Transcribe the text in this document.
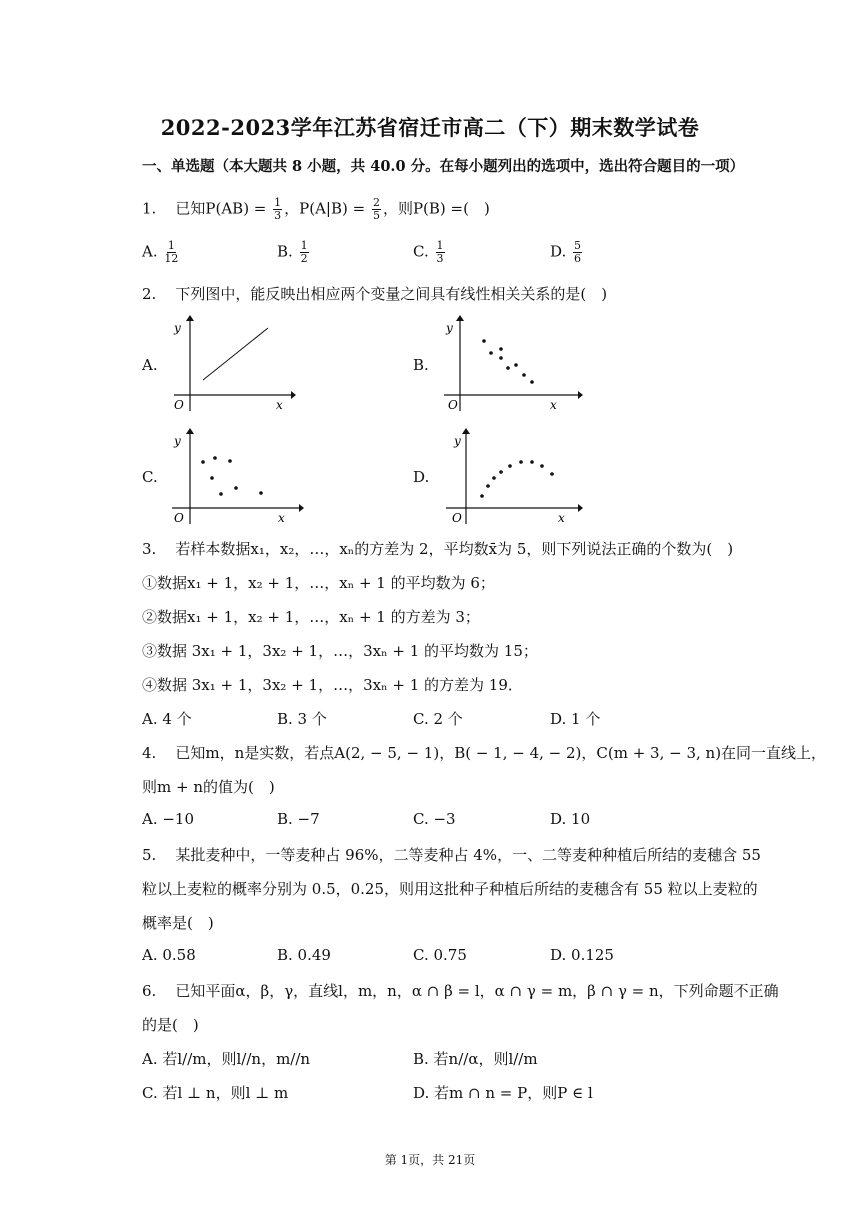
2022-2023学年江苏省宿迁市高二（下）期末数学试卷
一、单选题（本大题共 8 小题，共 40.0 分。在每小题列出的选项中，选出符合题目的一项）
1. 已知$P(AB) = \frac{1}{3}$ ，$P(A|B) = \frac{2}{5}$ ，则P(B) =(　)
A. $\frac{1}{12}$	B. $\frac{1}{2}$	C. $\frac{1}{3}$	D. $\frac{5}{6}$
2. 下列图中，能反映出相应两个变量之间具有线性相关关系的是(　)
A.	B.
C.	D.
y
x
O
y
x
O
y
x
O
y
x
O
3. 若样本数据x₁，x₂，…，xₙ的方差为 2，平均数x̄为 5，则下列说法正确的个数为(　)
①数据x₁ + 1，x₂ + 1，…，xₙ + 1 的平均数为 6；
②数据x₁ + 1，x₂ + 1，…，xₙ + 1 的方差为 3；
③数据 3x₁ + 1，3x₂ + 1，…，3xₙ + 1 的平均数为 15；
④数据 3x₁ + 1，3x₂ + 1，…，3xₙ + 1 的方差为 19．
A. 4 个	B. 3 个	C. 2 个	D. 1 个
4. 已知m，n是实数，若点A(2, − 5, − 1)，B( − 1, − 4, − 2)，C(m + 3, − 3, n)在同一直线上，
则m + n的值为(　)
A. −10	B. −7	C. −3	D. 10
5. 某批麦种中，一等麦种占 96%，二等麦种占 4%，一、二等麦种种植后所结的麦穗含 55
粒以上麦粒的概率分别为 0.5，0.25，则用这批种子种植后所结的麦穗含有 55 粒以上麦粒的
概率是(　)
A. 0.58	B. 0.49	C. 0.75	D. 0.125
6. 已知平面α，β，γ，直线l，m，n，α ∩ β = l，α ∩ γ = m，β ∩ γ = n，下列命题不正确
的是(　)
A. 若l//m，则l//n，m//n	B. 若n//α，则l//m
C. 若l ⊥ n，则l ⊥ m	D. 若m ∩ n = P，则P ∈ l
第 1页，共 21页
